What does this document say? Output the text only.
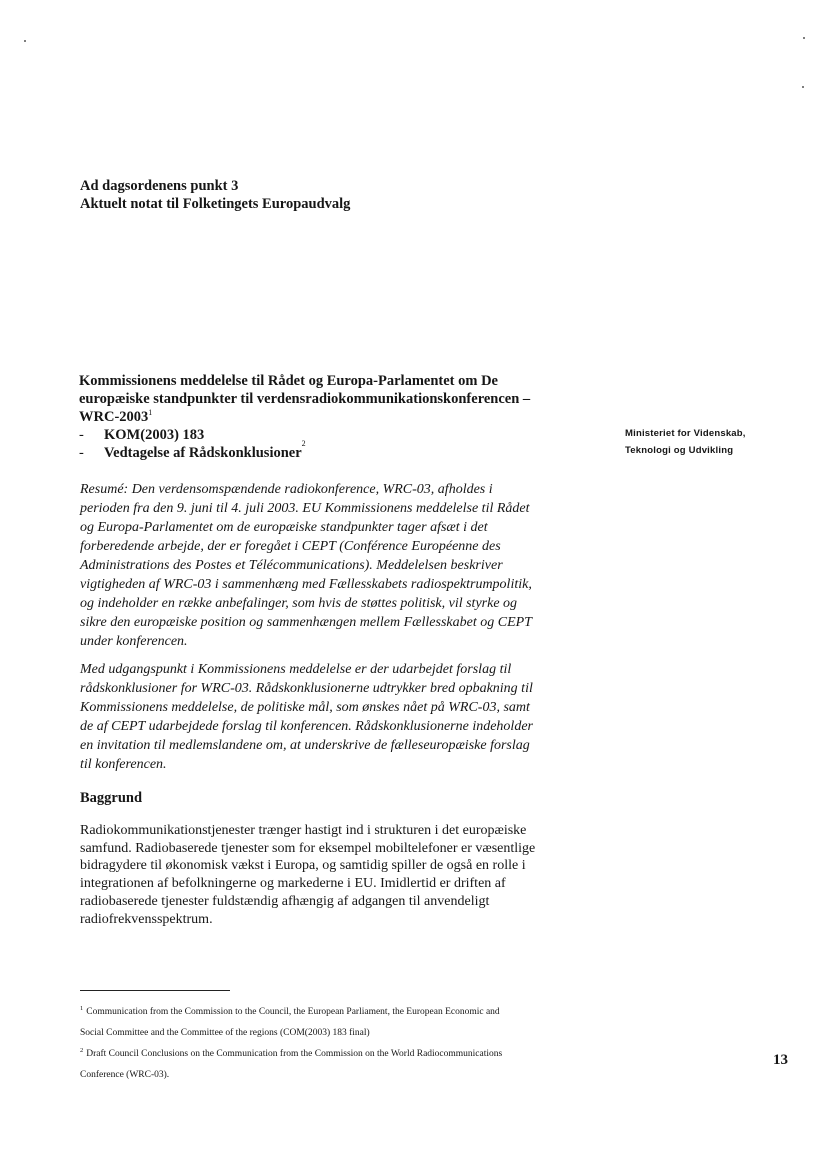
Ad dagsordenens punkt 3
Aktuelt notat til Folketingets Europaudvalg
Kommissionens meddelelse til Rådet og Europa-Parlamentet om De
europæiske standpunkter til verdensradiokommunikationskonferencen –
WRC-2003$^1$
-	KOM(2003) 183
-	Vedtagelse af Rådskonklusioner
2
Ministeriet for Videnskab,
Teknologi og Udvikling
Resumé: Den verdensomspændende radiokonference, WRC-03, afholdes i
perioden fra den 9. juni til 4. juli 2003. EU Kommissionens meddelelse til Rådet
og Europa-Parlamentet om de europæiske standpunkter tager afsæt i det
forberedende arbejde, der er foregået i CEPT (Conférence Européenne des
Administrations des Postes et Télécommunications). Meddelelsen beskriver
vigtigheden af WRC-03 i sammenhæng med Fællesskabets radiospektrumpolitik,
og indeholder en række anbefalinger, som hvis de støttes politisk, vil styrke og
sikre den europæiske position og sammenhængen mellem Fællesskabet og CEPT
under konferencen.
Med udgangspunkt i Kommissionens meddelelse er der udarbejdet forslag til
rådskonklusioner for WRC-03. Rådskonklusionerne udtrykker bred opbakning til
Kommissionens meddelelse, de politiske mål, som ønskes nået på WRC-03, samt
de af CEPT udarbejdede forslag til konferencen. Rådskonklusionerne indeholder
en invitation til medlemslandene om, at underskrive de fælleseuropæiske forslag
til konferencen.
Baggrund
Radiokommunikationstjenester trænger hastigt ind i strukturen i det europæiske
samfund. Radiobaserede tjenester som for eksempel mobiltelefoner er væsentlige
bidragydere til økonomisk vækst i Europa, og samtidig spiller de også en rolle i
integrationen af befolkningerne og markederne i EU. Imidlertid er driften af
radiobaserede tjenester fuldstændig afhængig af adgangen til anvendeligt
radiofrekvensspektrum.
$^1$ Communication from the Commission to the Council, the European Parliament, the European Economic and
Social Committee and the Committee of the regions (COM(2003) 183 final)
$^2$ Draft Council Conclusions on the Communication from the Commission on the World Radiocommunications
Conference (WRC-03).
13
